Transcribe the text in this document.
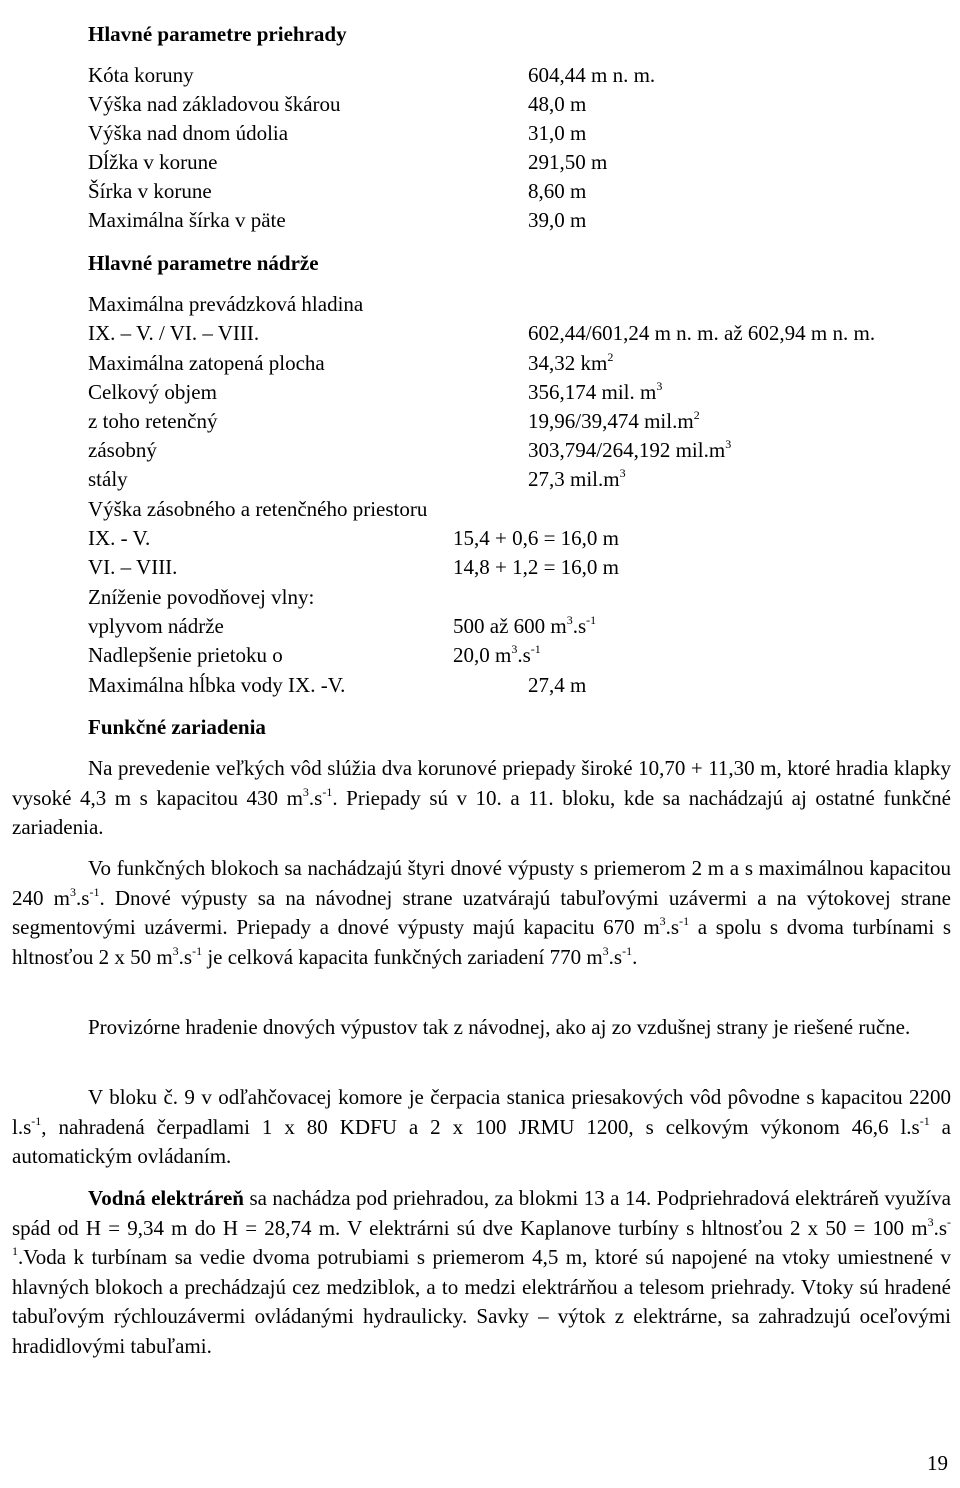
Hlavné parametre priehrady
Kóta koruny	604,44 m n. m.
Výška nad základovou škárou	48,0 m
Výška nad dnom údolia	31,0 m
Dĺžka v korune	291,50 m
Šírka v korune	8,60 m
Maximálna šírka v päte	39,0 m
Hlavné parametre nádrže
Maximálna prevádzková hladina
IX. – V. / VI. – VIII.	602,44/601,24 m n. m. až 602,94 m n. m.
Maximálna zatopená plocha	34,32 $km^2$
Celkový objem	356,174 mil. $m^3$
z toho retenčný	19,96/39,474 $mil.m^2$
zásobný	303,794/264,192 $mil.m^3$
stály	27,3 $mil.m^3$
Výška zásobného a retenčného priestoru
IX. - V.	15,4 + 0,6 = 16,0 m
VI. – VIII.	14,8 + 1,2 = 16,0 m
Zníženie povodňovej vlny:
vplyvom nádrže	500 až 600 $m^3.s^{-1}$
Nadlepšenie prietoku o	20,0 $m^3.s^{-1}$
Maximálna hĺbka vody IX. -V.	27,4 m
Funkčné zariadenia
Na prevedenie veľkých vôd slúžia dva korunové priepady široké 10,70 + 11,30 m, ktoré hradia klapky vysoké 4,3 m s kapacitou 430 $m^3.s^{-1}$. Priepady sú v 10. a 11. bloku, kde sa nachádzajú aj ostatné funkčné zariadenia.
Vo funkčných blokoch sa nachádzajú štyri dnové výpusty s priemerom 2 m a s maximálnou kapacitou 240 $m^3.s^{-1}$. Dnové výpusty sa na návodnej strane uzatvárajú tabuľovými uzávermi a na výtokovej strane segmentovými uzávermi. Priepady a dnové výpusty majú kapacitu 670 $m^3.s^{-1}$ a spolu s dvoma turbínami s hltnosťou 2 x 50 $m^3.s^{-1}$ je celková kapacita funkčných zariadení 770 $m^3.s^{-1}$.
Provizórne hradenie dnových výpustov tak z návodnej, ako aj zo vzdušnej strany je riešené ručne.
V bloku č. 9 v odľahčovacej komore je čerpacia stanica priesakových vôd pôvodne s kapacitou 2200 $l.s^{-1}$, nahradená čerpadlami 1 x 80 KDFU a 2 x 100 JRMU 1200, s celkovým výkonom 46,6 $l.s^{-1}$ a automatickým ovládaním.
Vodná elektráreň sa nachádza pod priehradou, za blokmi 13 a 14. Podpriehradová elektráreň využíva spád od H = 9,34 m do H = 28,74 m. V elektrárni sú dve Kaplanove turbíny s hltnosťou 2 x 50 = 100 $m^3.s^{-1}.Voda$ k turbínam sa vedie dvoma potrubiami s priemerom 4,5 m, ktoré sú napojené na vtoky umiestnené v hlavných blokoch a prechádzajú cez medziblok, a to medzi elektrárňou a telesom priehrady. Vtoky sú hradené tabuľovým rýchlouzávermi ovládanými hydraulicky. Savky – výtok z elektrárne, sa zahradzujú oceľovými hradidlovými tabuľami.
19
